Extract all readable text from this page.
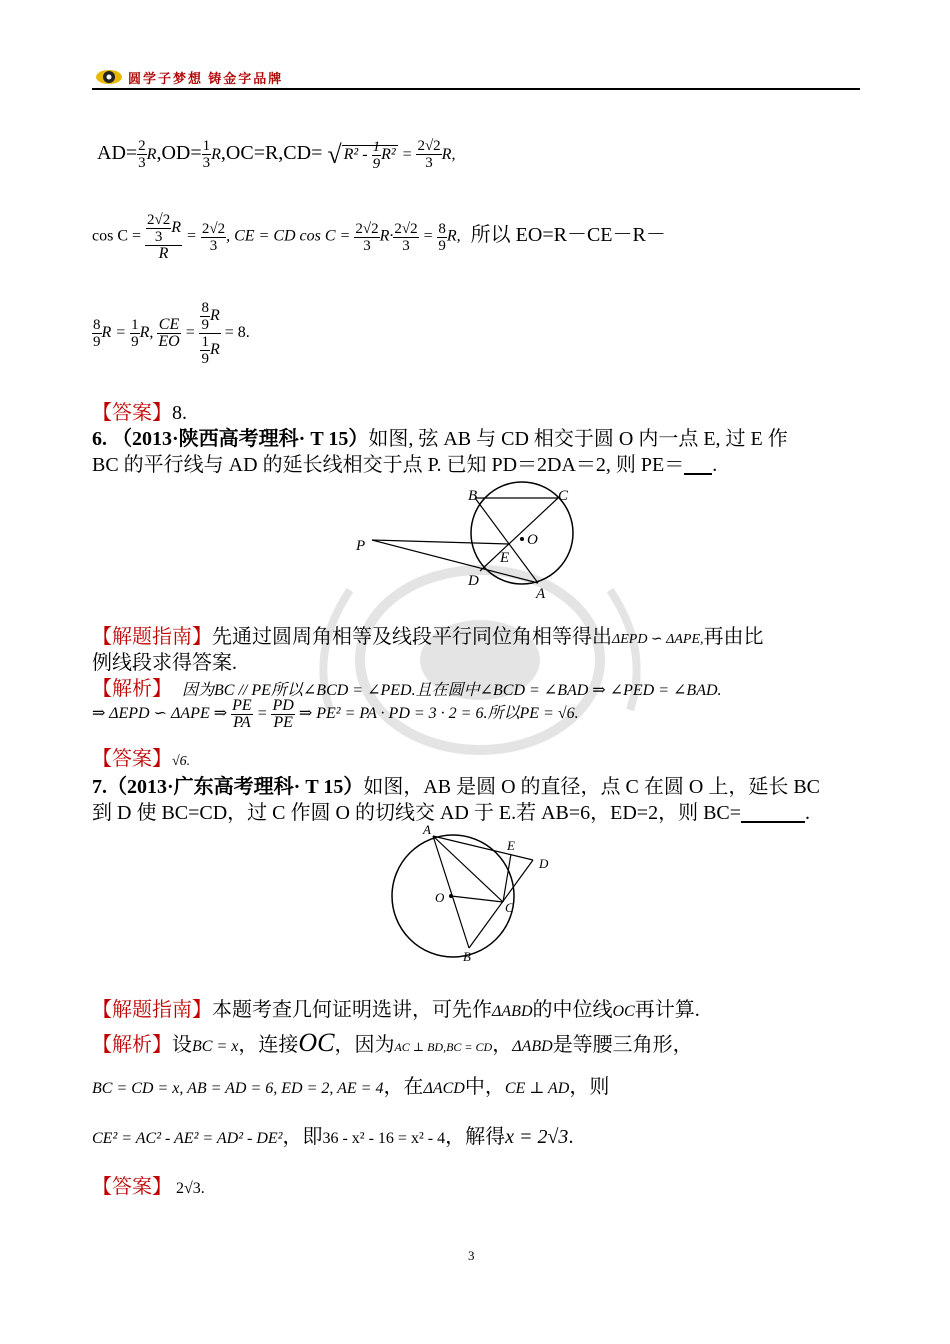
圆学子梦想 铸金字品牌
$AD= \frac{2}{3} R,OD= \frac{1}{3} R,OC=R,CD=$ √ $R^2 - \frac{1}{9} R^2 = \frac{2√2}{3} R$,
$\cos C = \frac{\frac{2√2}{3} R}{R} = \frac{2√2}{3}$ , CE = CD $\cos C = \frac{2√2}{3} R\cdot \frac{2√2}{3} = \frac{8}{9} R$, 所以 EO=R－CE－R－
$\frac{8}{9}$ $R = \frac{1}{9} R$, $\frac{CE}{EO} = \frac{\frac{8}{9} R}{\frac{1}{9} R} = 8$.
【答案】8.
6. （2013·陕西高考理科· T 15）如图, 弦 AB 与 CD 相交于圆 O 内一点 E, 过 E 作
BC 的平行线与 AD 的延长线相交于点 P. 已知 PD＝2DA＝2, 则 PE＝ .
B	C
O
P
E
D
A
【解题指南】先通过圆周角相等及线段平行同位角相等得出ΔEPD ∽ ΔAPE,再由比
例线段求得答案.
【解析】 因为BC // PE所以∠BCD = ∠PED.且在圆中∠BCD = ∠BAD ⇒ ∠PED = ∠BAD.
⇒ ΔEPD ∽ ΔAPE ⇒ $\frac{PE}{PA} = \frac{PD}{PE}$ ⇒ PE² = PA · PD = 3 · 2 = 6.所以PE = √6.
【答案】√6.
7.（2013·广东高考理科· T 15）如图，AB 是圆 O 的直径，点 C 在圆 O 上，延长 BC
到 D 使 BC=CD，过 C 作圆 O 的切线交 AD 于 E.若 AB=6，ED=2，则 BC=	.
A
E
D
O
C
B
【解题指南】本题考查几何证明选讲，可先作ΔABD的中位线OC再计算.
【解析】设BC = x，连接OC，因为AC ⊥ BD,BC = CD，ΔABD是等腰三角形，
BC = CD = x, AB = AD = 6, ED = 2, AE = 4，在ΔACD中，CE ⊥ AD，则
CE² = AC² - AE² = AD² - DE²，即36 - x² - 16 = x² - 4，解得x = 2√3.
【答案】 2√3.
3
